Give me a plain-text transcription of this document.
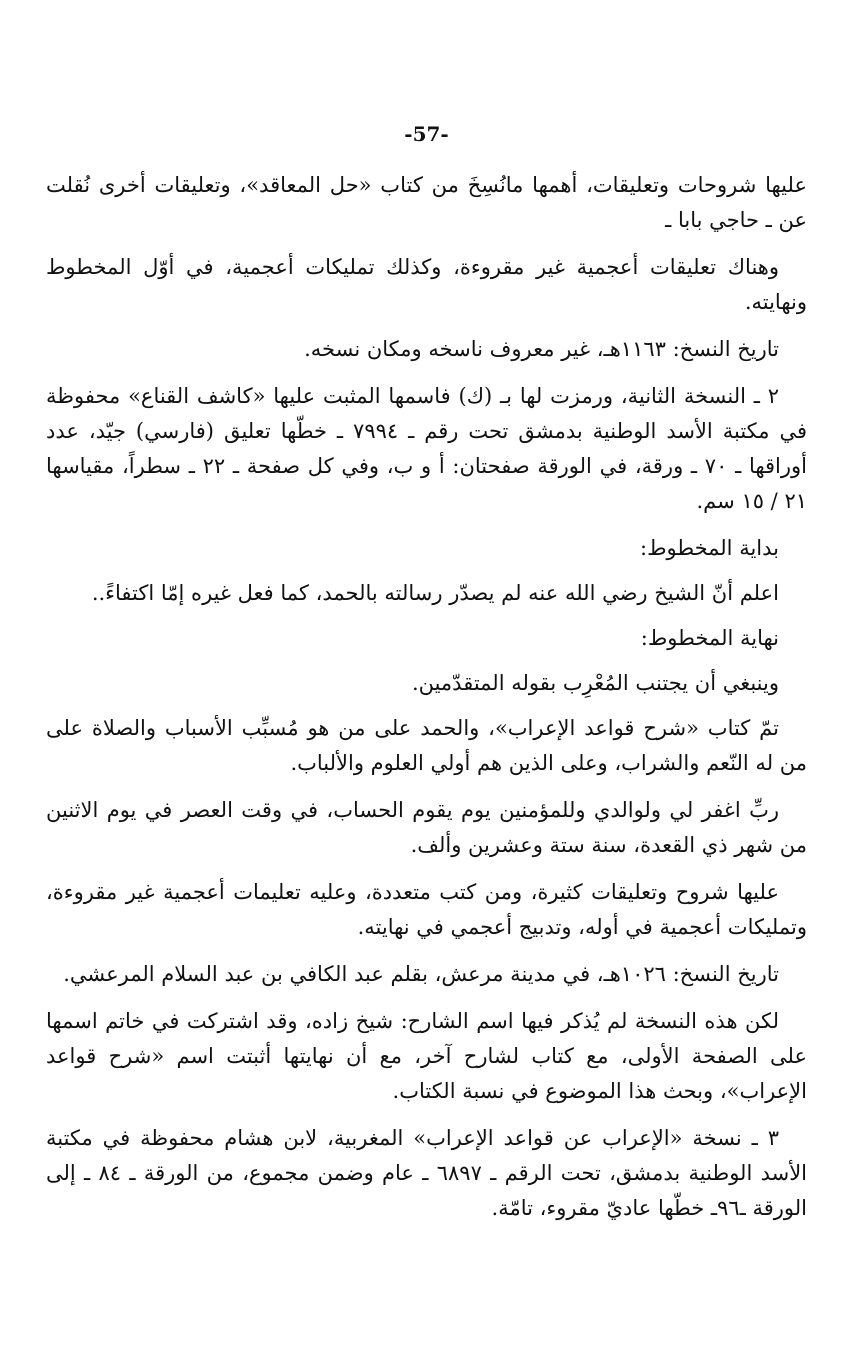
-57-

عليها شروحات وتعليقات، أهمها مانُسِخَ من كتاب «حل المعاقد»، وتعليقات أخرى نُقلت عن ـ حاجي بابا ـ

وهناك تعليقات أعجمية غير مقروءة، وكذلك تمليكات أعجمية، في أوّل المخطوط ونهايته.

تاريخ النسخ: ١١٦٣هـ، غير معروف ناسخه ومكان نسخه.

٢ ـ النسخة الثانية، ورمزت لها بـ (ك) فاسمها المثبت عليها «كاشف القناع» محفوظة في مكتبة الأسد الوطنية بدمشق تحت رقم ـ ٧٩٩٤ ـ خطّها تعليق (فارسي) جيّد، عدد أوراقها ـ ٧٠ ـ ورقة، في الورقة صفحتان: أ و ب، وفي كل صفحة ـ ٢٢ ـ سطراً، مقياسها ٢١ / ١٥ سم.

بداية المخطوط:

اعلم أنّ الشيخ رضي الله عنه لم يصدّر رسالته بالحمد، كما فعل غيره إمّا اكتفاءً..

نهاية المخطوط:

وينبغي أن يجتنب المُعْرِب بقوله المتقدّمين.

تمّ كتاب «شرح قواعد الإعراب»، والحمد على من هو مُسبِّب الأسباب والصلاة على من له النّعم والشراب، وعلى الذين هم أولي العلوم والألباب.

ربِّ اغفر لي ولوالدي وللمؤمنين يوم يقوم الحساب، في وقت العصر في يوم الاثنين من شهر ذي القعدة، سنة ستة وعشرين وألف.

عليها شروح وتعليقات كثيرة، ومن كتب متعددة، وعليه تعليمات أعجمية غير مقروءة، وتمليكات أعجمية في أوله، وتدبيج أعجمي في نهايته.

تاريخ النسخ: ١٠٢٦هـ، في مدينة مرعش، بقلم عبد الكافي بن عبد السلام المرعشي.

لكن هذه النسخة لم يُذكر فيها اسم الشارح: شيخ زاده، وقد اشتركت في خاتم اسمها على الصفحة الأولى، مع كتاب لشارح آخر، مع أن نهايتها أثبتت اسم «شرح قواعد الإعراب»، وبحث هذا الموضوع في نسبة الكتاب.

٣ ـ نسخة «الإعراب عن قواعد الإعراب» المغربية، لابن هشام محفوظة في مكتبة الأسد الوطنية بدمشق، تحت الرقم ـ ٦٨٩٧ ـ عام وضمن مجموع، من الورقة ـ ٨٤ ـ إلى الورقة ـ٩٦ـ خطّها عاديّ مقروء، تامّة.
